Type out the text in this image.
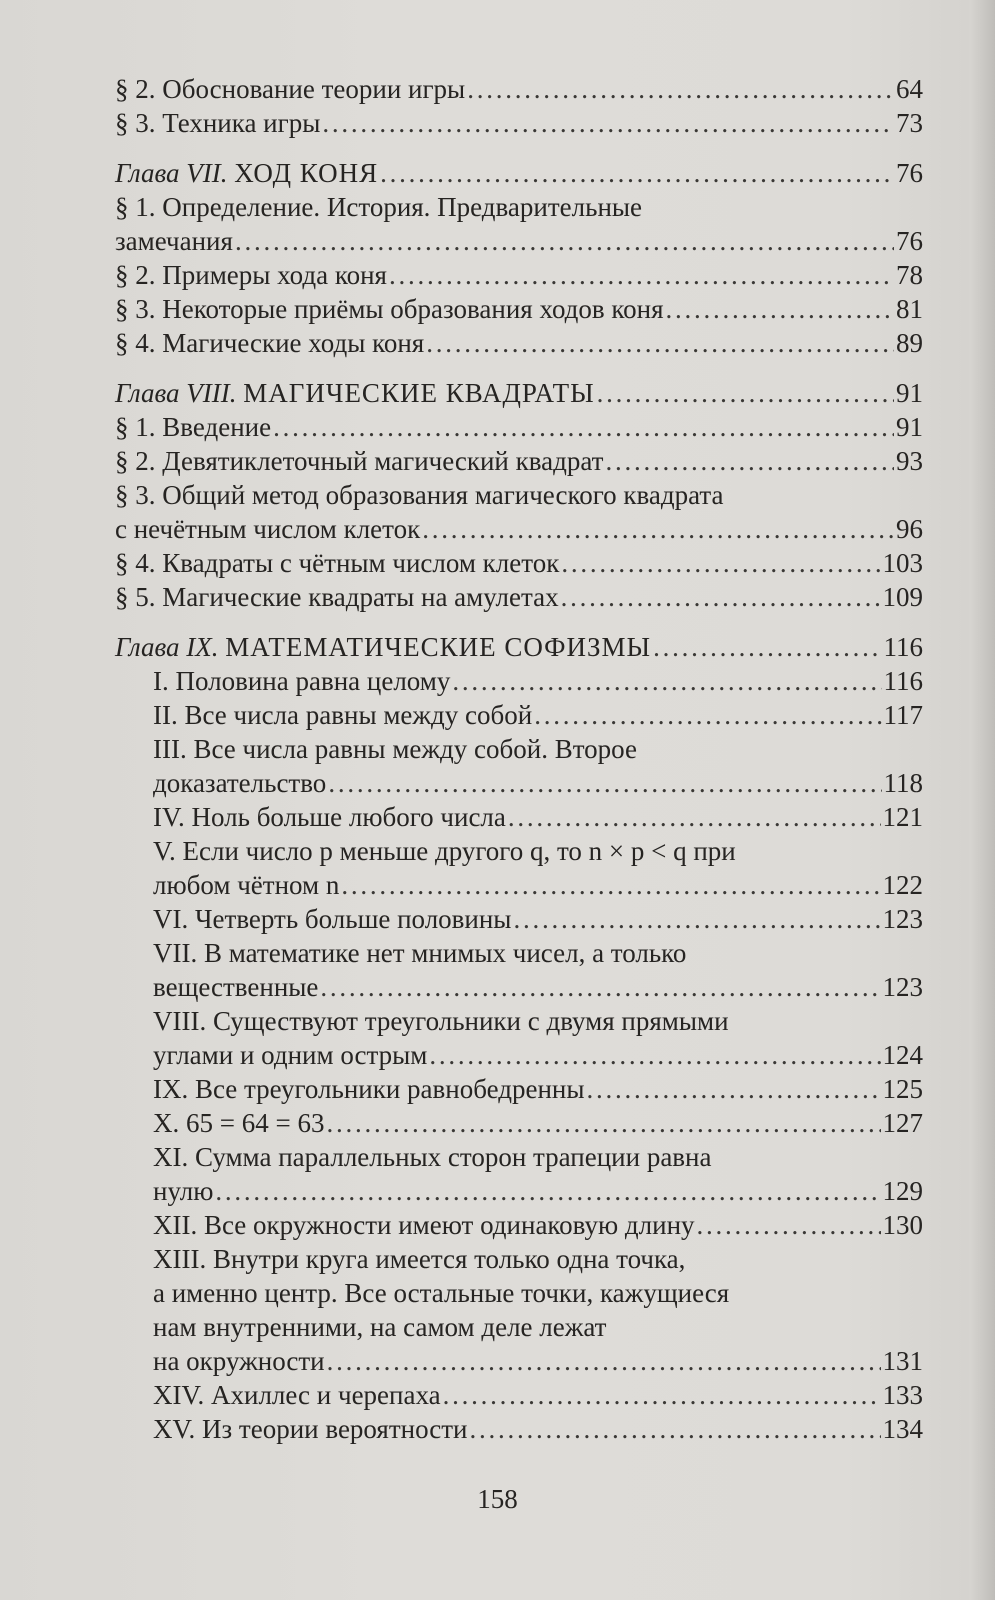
§ 2. Обоснование теории игры . . .	64
§ 3. Техника игры . . .	73
Глава VII. ХОД КОНЯ . . .	76
§ 1. Определение. История. Предварительные
замечания . . .	76
§ 2. Примеры хода коня . . .	78
§ 3. Некоторые приёмы образования ходов коня . . .	81
§ 4. Магические ходы коня . . .	89
Глава VIII. МАГИЧЕСКИЕ КВАДРАТЫ . . .	91
§ 1. Введение . . .	91
§ 2. Девятиклеточный магический квадрат . . .	93
§ 3. Общий метод образования магического квадрата
с нечётным числом клеток . . .	96
§ 4. Квадраты с чётным числом клеток . . .	103
§ 5. Магические квадраты на амулетах . . .	109
Глава IX. МАТЕМАТИЧЕСКИЕ СОФИЗМЫ . . .	116
I. Половина равна целому . . .	116
II. Все числа равны между собой . . .	117
III. Все числа равны между собой. Второе
доказательство . . .	118
IV. Ноль больше любого числа . . .	121
V. Если число p меньше другого q, то n × p < q при
любом чётном n . . .	122
VI. Четверть больше половины . . .	123
VII. В математике нет мнимых чисел, а только
вещественные . . .	123
VIII. Существуют треугольники с двумя прямыми
углами и одним острым . . .	124
IX. Все треугольники равнобедренны . . .	125
X. 65 = 64 = 63 . . .	127
XI. Сумма параллельных сторон трапеции равна
нулю . . .	129
XII. Все окружности имеют одинаковую длину . . .	130
XIII. Внутри круга имеется только одна точка,
а именно центр. Все остальные точки, кажущиеся
нам внутренними, на самом деле лежат
на окружности . . .	131
XIV. Ахиллес и черепаха . . .	133
XV. Из теории вероятности . . .	134
158
